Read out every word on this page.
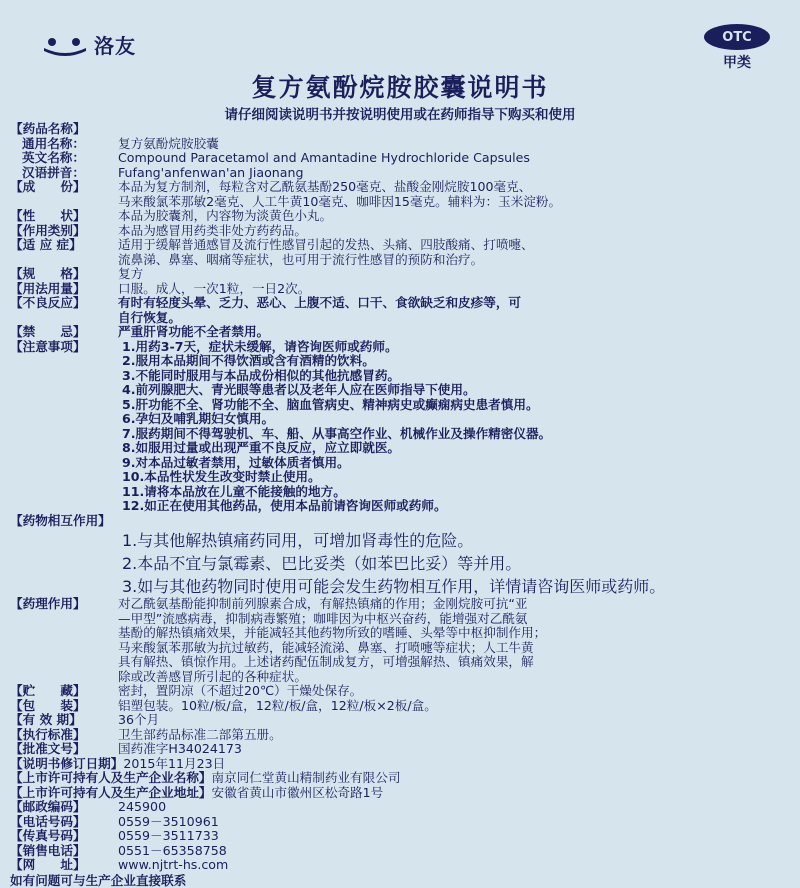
洛友	OTC
甲类
复方氨酚烷胺胶囊说明书
请仔细阅读说明书并按说明使用或在药师指导下购买和使用
【药品名称】
通用名称：	复方氨酚烷胺胶囊
英文名称：	Compound Paracetamol and Amantadine Hydrochloride Capsules
汉语拼音：	Fufang'anfenwan'an Jiaonang
【成　　份】	本品为复方制剂，每粒含对乙酰氨基酚250毫克、盐酸金刚烷胺100毫克、
马来酸氯苯那敏2毫克、人工牛黄10毫克、咖啡因15毫克。辅料为：玉米淀粉。
【性　　状】	本品为胶囊剂，内容物为淡黄色小丸。
【作用类别】	本品为感冒用药类非处方药药品。
【适 应 症】	适用于缓解普通感冒及流行性感冒引起的发热、头痛、四肢酸痛、打喷嚏、
流鼻涕、鼻塞、咽痛等症状，也可用于流行性感冒的预防和治疗。
【规　　格】	复方
【用法用量】	口服。成人，一次1粒，一日2次。
【不良反应】	有时有轻度头晕、乏力、恶心、上腹不适、口干、食欲缺乏和皮疹等，可
自行恢复。
【禁　　忌】	严重肝肾功能不全者禁用。
【注意事项】	1.用药3-7天，症状未缓解，请咨询医师或药师。
2.服用本品期间不得饮酒或含有酒精的饮料。
3.不能同时服用与本品成份相似的其他抗感冒药。
4.前列腺肥大、青光眼等患者以及老年人应在医师指导下使用。
5.肝功能不全、肾功能不全、脑血管病史、精神病史或癫痫病史患者慎用。
6.孕妇及哺乳期妇女慎用。
7.服药期间不得驾驶机、车、船、从事高空作业、机械作业及操作精密仪器。
8.如服用过量或出现严重不良反应，应立即就医。
9.对本品过敏者禁用，过敏体质者慎用。
10.本品性状发生改变时禁止使用。
11.请将本品放在儿童不能接触的地方。
12.如正在使用其他药品，使用本品前请咨询医师或药师。
【药物相互作用】
1.与其他解热镇痛药同用，可增加肾毒性的危险。
2.本品不宜与氯霉素、巴比妥类（如苯巴比妥）等并用。
3.如与其他药物同时使用可能会发生药物相互作用，详情请咨询医师或药师。
【药理作用】	对乙酰氨基酚能抑制前列腺素合成，有解热镇痛的作用；金刚烷胺可抗“亚
—甲型”流感病毒，抑制病毒繁殖；咖啡因为中枢兴奋药，能增强对乙酰氨
基酚的解热镇痛效果，并能减轻其他药物所致的嗜睡、头晕等中枢抑制作用；
马来酸氯苯那敏为抗过敏药，能减轻流涕、鼻塞、打喷嚏等症状；人工牛黄
具有解热、镇惊作用。上述诸药配伍制成复方，可增强解热、镇痛效果，解
除或改善感冒所引起的各种症状。
【贮　　藏】	密封，置阴凉（不超过20℃）干燥处保存。
【包　　装】	铝塑包装。10粒/板/盒，12粒/板/盒，12粒/板×2板/盒。
【有 效 期】	36个月
【执行标准】	卫生部药品标准二部第五册。
【批准文号】	国药准字H34024173
【说明书修订日期】 2015年11月23日
【上市许可持有人及生产企业名称】 南京同仁堂黄山精制药业有限公司
【上市许可持有人及生产企业地址】 安徽省黄山市徽州区松奇路1号
【邮政编码】	245900
【电话号码】	0559－3510961
【传真号码】	0559－3511733
【销售电话】	0551－65358758
【网　　址】	www.njtrt-hs.com
如有问题可与生产企业直接联系
